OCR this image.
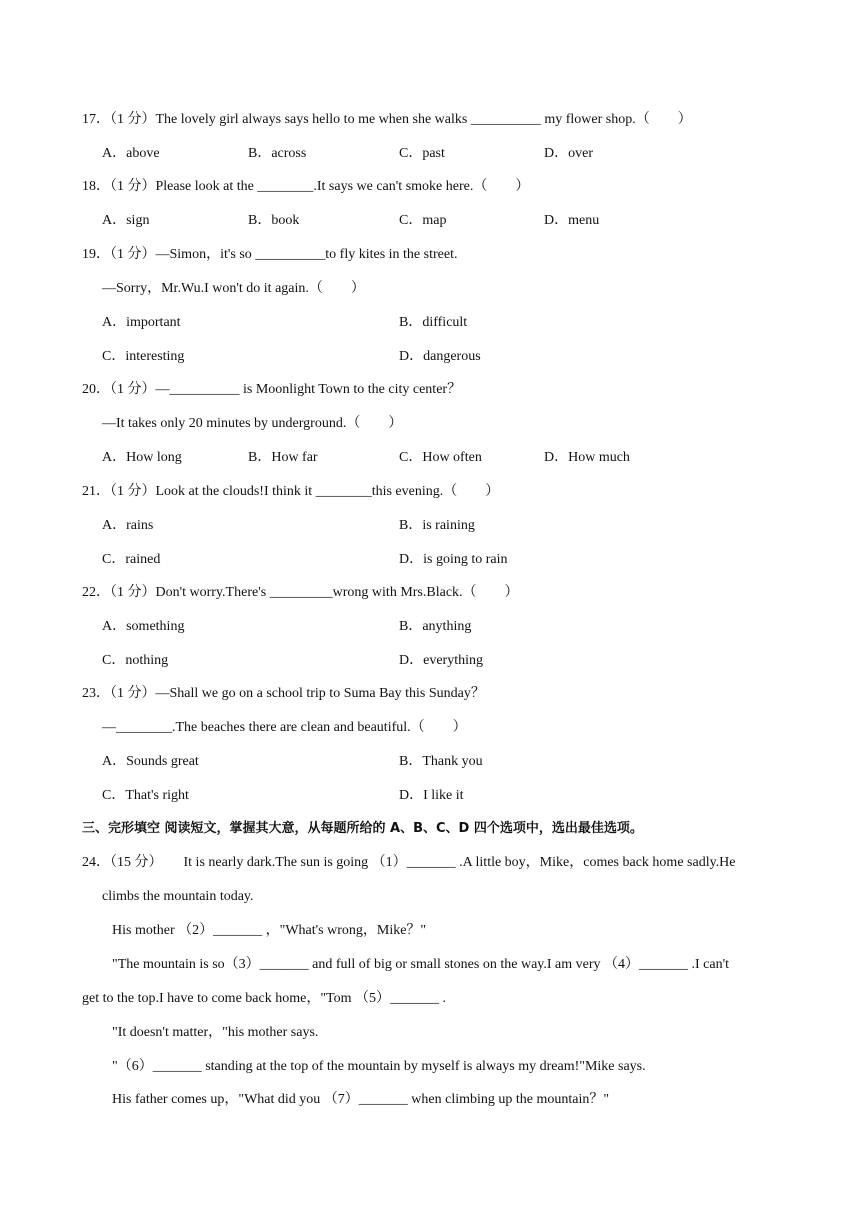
17．（1 分）The lovely girl always says hello to me when she walks __________ my flower shop.（　　）
A．above	B．across	C．past	D．over
18．（1 分）Please look at the ________.It says we can't smoke here.（　　）
A．sign	B．book	C．map	D．menu
19．（1 分）—Simon，it's so __________to fly kites in the street.
—Sorry，Mr.Wu.I won't do it again.（　　）
A．important	B．difficult
C．interesting	D．dangerous
20．（1 分）—__________ is Moonlight Town to the city center？
—It takes only 20 minutes by underground.（　　）
A．How long	B．How far	C．How often	D．How much
21．（1 分）Look at the clouds!I think it ________this evening.（　　）
A．rains	B．is raining
C．rained	D．is going to rain
22．（1 分）Don't worry.There's _________wrong with Mrs.Black.（　　）
A．something	B．anything
C．nothing	D．everything
23．（1 分）—Shall we go on a school trip to Suma Bay this Sunday？
—________.The beaches there are clean and beautiful.（　　）
A．Sounds great	B．Thank you
C．That's right	D．I like it
三、完形填空 阅读短文，掌握其大意，从每题所给的 A、B、C、D 四个选项中，选出最佳选项。
24．（15 分）　　It is nearly dark.The sun is going （1）_______ .A little boy，Mike，comes back home sadly.He
climbs the mountain today.
His mother （2）_______ ，"What's wrong，Mike？"
"The mountain is so（3）_______ and full of big or small stones on the way.I am very （4）_______ .I can't
get to the top.I have to come back home，"Tom （5）_______ .
"It doesn't matter，"his mother says.
"（6）_______ standing at the top of the mountain by myself is always my dream!"Mike says.
His father comes up，"What did you （7）_______ when climbing up the mountain？"
